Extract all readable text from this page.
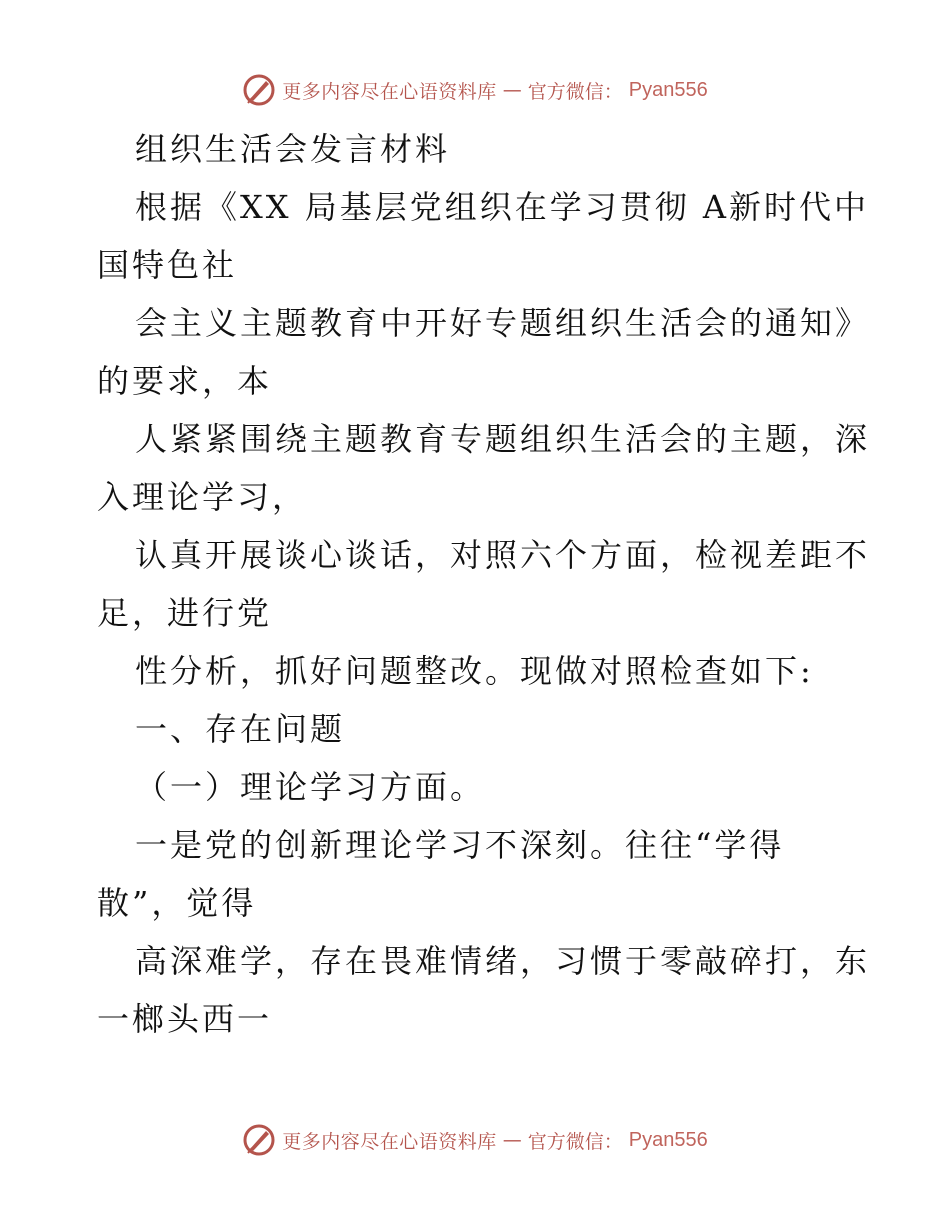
更多内容尽在心语资料库 — 官方微信： Pyan556
组织生活会发言材料
根据《XX 局基层党组织在学习贯彻 A新时代中
国特色社
会主义主题教育中开好专题组织生活会的通知》
的要求，本
人紧紧围绕主题教育专题组织生活会的主题，深
入理论学习，
认真开展谈心谈话，对照六个方面，检视差距不
足，进行党
性分析，抓好问题整改。现做对照检查如下:
一、存在问题
（一）理论学习方面。
一是党的创新理论学习不深刻。往往“学得
散”，觉得
高深难学，存在畏难情绪，习惯于零敲碎打，东
一榔头西一
更多内容尽在心语资料库 — 官方微信： Pyan556
